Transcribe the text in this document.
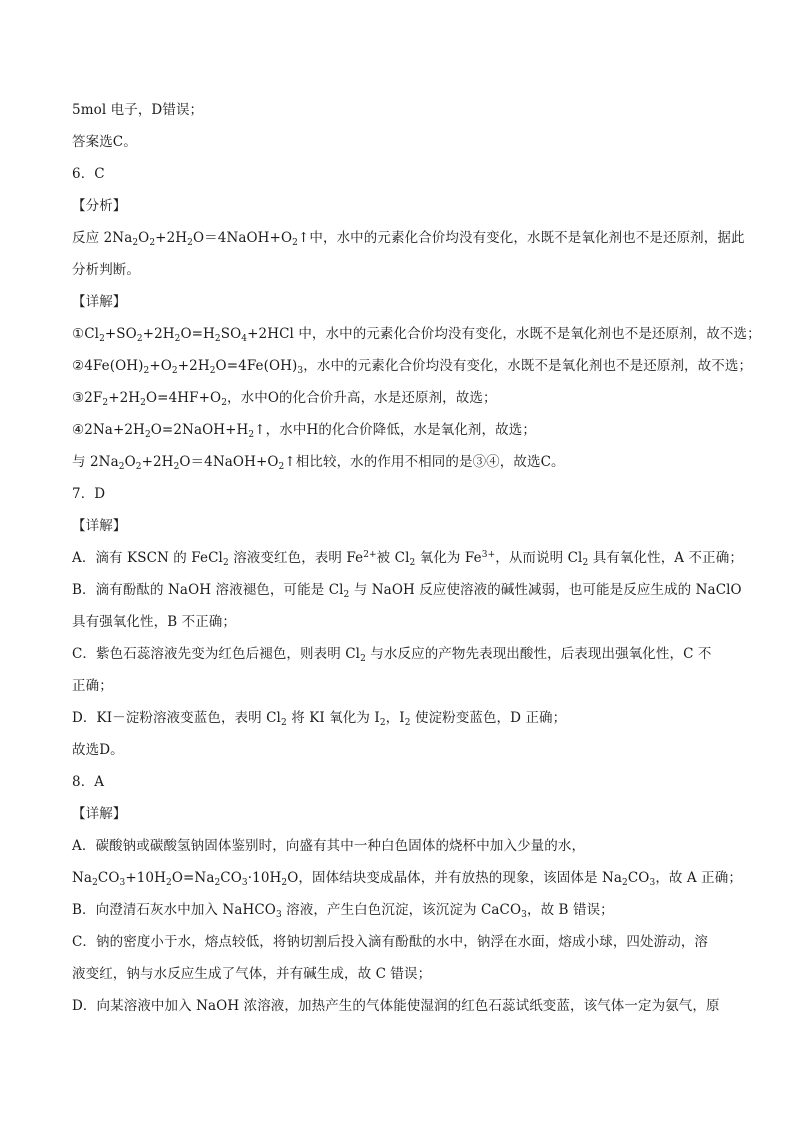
5mol 电子，D错误；
答案选C。
6．C
【分析】
反应 $2Na_2O_2+2H_2O=4NaOH+O_2↑$中，水中的元素化合价均没有变化，水既不是氧化剂也不是还原剂，据此
分析判断。
【详解】
$①Cl_2+SO_2+2H_2O=H_2SO_4+2HCl$ 中，水中的元素化合价均没有变化，水既不是氧化剂也不是还原剂，故不选；
$②4Fe(OH)_2+O_2+2H_2O=4Fe(OH)_3$，水中的元素化合价均没有变化，水既不是氧化剂也不是还原剂，故不选；
$③2F_2+2H_2O=4HF+O_2$，水中O的化合价升高，水是还原剂，故选；
$④2Na+2H_2O=2NaOH+H_2↑$，水中H的化合价降低，水是氧化剂，故选；
与 $2Na_2O_2+2H_2O=4NaOH+O_2↑$相比较，水的作用不相同的是③④，故选C。
7．D
【详解】
A．滴有 KSCN 的 FeCl$_2$ 溶液变红色，表明 $Fe^{2+}$被 $Cl_2$ 氧化为 $Fe^{3+}$，从而说明 $Cl_2$ 具有氧化性，A 不正确；
B．滴有酚酞的 NaOH 溶液褪色，可能是 $Cl_2$ 与 NaOH 反应使溶液的碱性减弱，也可能是反应生成的 NaClO
具有强氧化性，B 不正确；
C．紫色石蕊溶液先变为红色后褪色，则表明 $Cl_2$ 与水反应的产物先表现出酸性，后表现出强氧化性，C 不
正确；
D．KI－淀粉溶液变蓝色，表明 $Cl_2$ 将 KI 氧化为 $I_2$，$I_2$ 使淀粉变蓝色，D 正确；
故选D。
8．A
【详解】
A．碳酸钠或碳酸氢钠固体鉴别时，向盛有其中一种白色固体的烧杯中加入少量的水，
$Na_2CO_3+10H_2O=Na_2CO_3\cdot 10H_2O$，固体结块变成晶体，并有放热的现象，该固体是 $Na_2CO_3$，故 A 正确；
B．向澄清石灰水中加入 NaHCO$_3$ 溶液，产生白色沉淀，该沉淀为 CaCO$_3$，故 B 错误；
C．钠的密度小于水，熔点较低，将钠切割后投入滴有酚酞的水中，钠浮在水面，熔成小球，四处游动，溶
液变红，钠与水反应生成了气体，并有碱生成，故 C 错误；
D．向某溶液中加入 NaOH 浓溶液，加热产生的气体能使湿润的红色石蕊试纸变蓝，该气体一定为氨气，原
